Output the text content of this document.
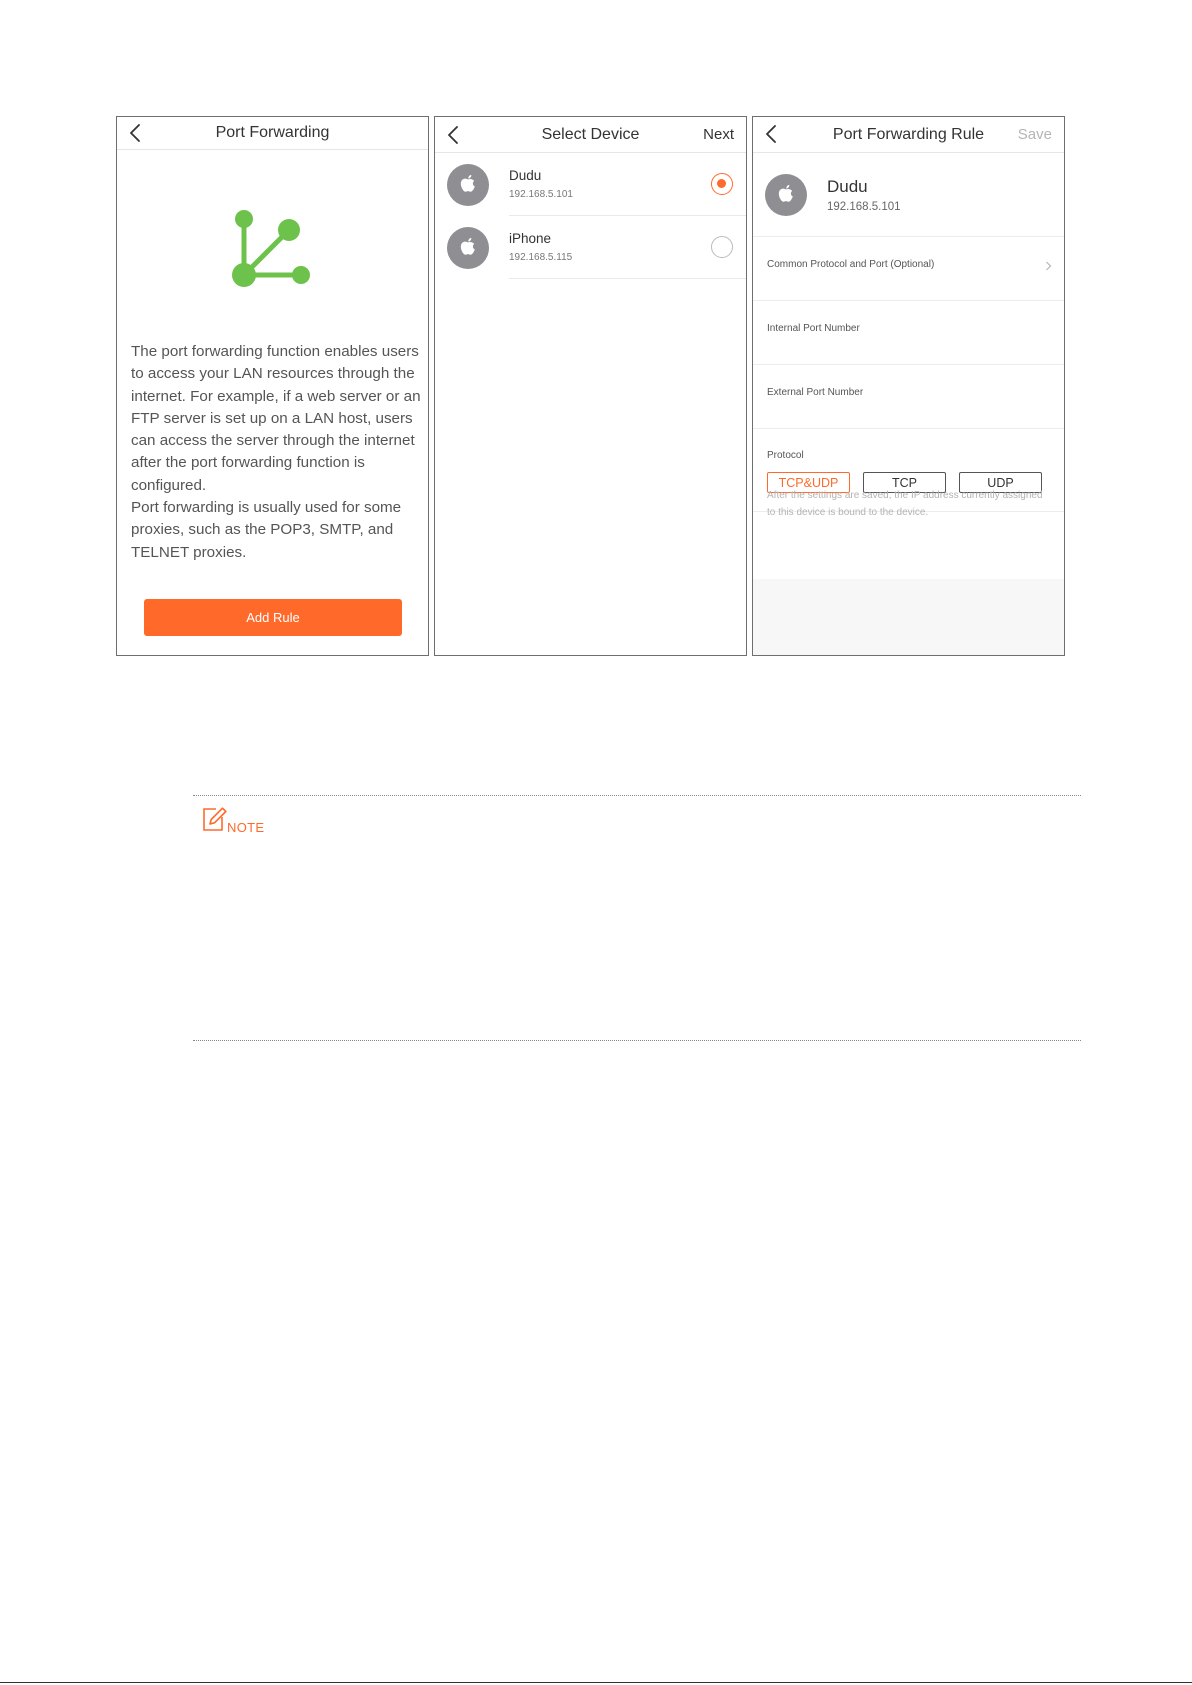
Port Forwarding
The port forwarding function enables users to access your LAN resources through the internet. For example, if a web server or an FTP server is set up on a LAN host, users can access the server through the internet after the port forwarding function is configured.
Port forwarding is usually used for some proxies, such as the POP3, SMTP, and TELNET proxies.
Add Rule
Select Device	Next
Dudu
192.168.5.101
iPhone
192.168.5.115
Port Forwarding Rule	Save
Dudu
192.168.5.101
Common Protocol and Port (Optional)
Internal Port Number
External Port Number
Protocol
TCP&UDP	TCP	UDP
After the settings are saved, the IP address currently assigned to this device is bound to the device.
NOTE
